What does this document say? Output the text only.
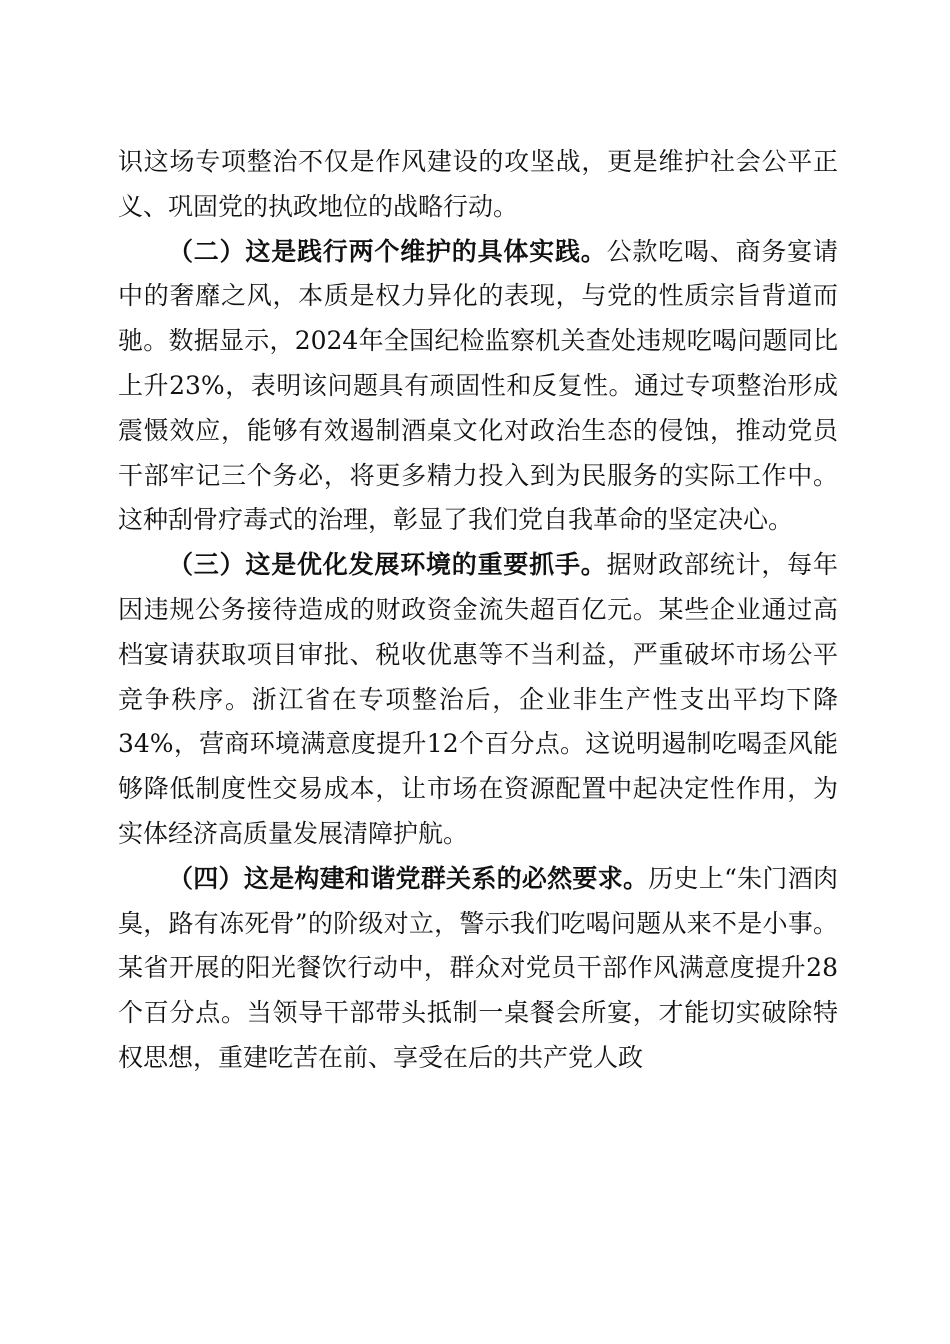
识这场专项整治不仅是作风建设的攻坚战，更是维护社会公平正义、巩固党的执政地位的战略行动。

（二）这是践行两个维护的具体实践。公款吃喝、商务宴请中的奢靡之风，本质是权力异化的表现，与党的性质宗旨背道而驰。数据显示，2024年全国纪检监察机关查处违规吃喝问题同比上升23%，表明该问题具有顽固性和反复性。通过专项整治形成震慑效应，能够有效遏制酒桌文化对政治生态的侵蚀，推动党员干部牢记三个务必，将更多精力投入到为民服务的实际工作中。这种刮骨疗毒式的治理，彰显了我们党自我革命的坚定决心。

（三）这是优化发展环境的重要抓手。据财政部统计，每年因违规公务接待造成的财政资金流失超百亿元。某些企业通过高档宴请获取项目审批、税收优惠等不当利益，严重破坏市场公平竞争秩序。浙江省在专项整治后，企业非生产性支出平均下降34%，营商环境满意度提升12个百分点。这说明遏制吃喝歪风能够降低制度性交易成本，让市场在资源配置中起决定性作用，为实体经济高质量发展清障护航。

（四）这是构建和谐党群关系的必然要求。历史上“朱门酒肉臭，路有冻死骨”的阶级对立，警示我们吃喝问题从来不是小事。某省开展的阳光餐饮行动中，群众对党员干部作风满意度提升28个百分点。当领导干部带头抵制一桌餐会所宴，才能切实破除特权思想，重建吃苦在前、享受在后的共产党人政
